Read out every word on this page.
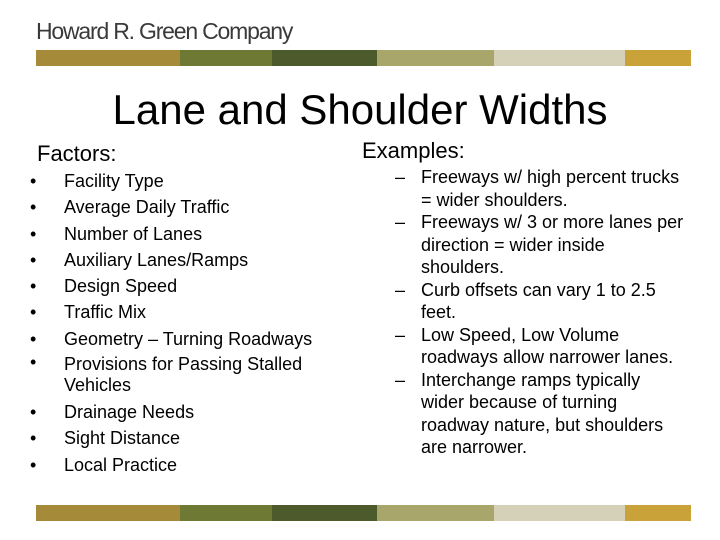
Howard R. Green Company
Lane and Shoulder Widths
Factors:	Examples:
• Facility Type
• Average Daily Traffic
• Number of Lanes
• Auxiliary Lanes/Ramps
• Design Speed
• Traffic Mix
• Geometry – Turning Roadways
• Provisions for Passing Stalled Vehicles
• Drainage Needs
• Sight Distance
• Local Practice
– Freeways w/ high percent trucks = wider shoulders.
– Freeways w/ 3 or more lanes per direction = wider inside shoulders.
– Curb offsets can vary 1 to 2.5 feet.
– Low Speed, Low Volume roadways allow narrower lanes.
– Interchange ramps typically wider because of turning roadway nature, but shoulders are narrower.
